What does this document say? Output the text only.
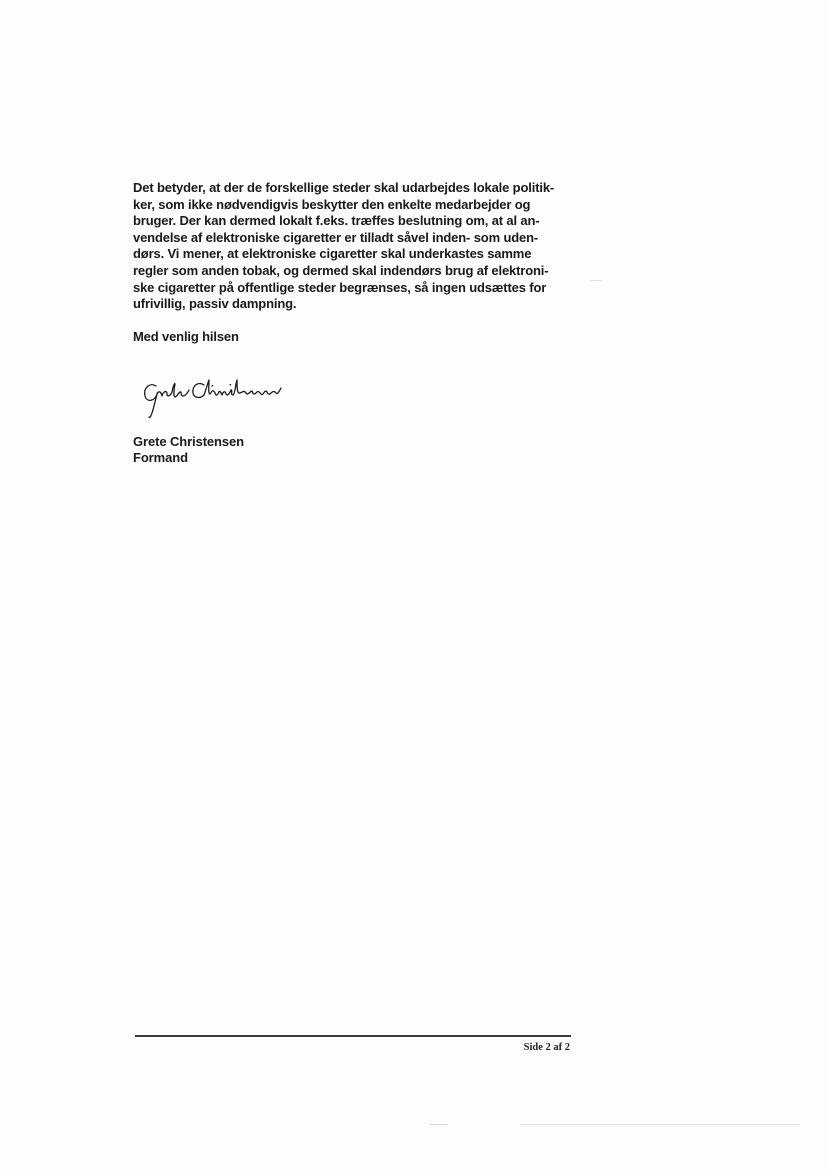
Det betyder, at der de forskellige steder skal udarbejdes lokale politik-
ker, som ikke nødvendigvis beskytter den enkelte medarbejder og
bruger. Der kan dermed lokalt f.eks. træffes beslutning om, at al an-
vendelse af elektroniske cigaretter er tilladt såvel inden- som uden-
dørs. Vi mener, at elektroniske cigaretter skal underkastes samme
regler som anden tobak, og dermed skal indendørs brug af elektroni-
ske cigaretter på offentlige steder begrænses, så ingen udsættes for
ufrivillig, passiv dampning.

Med venlig hilsen

Grete Christensen
Formand
Side 2 af 2
